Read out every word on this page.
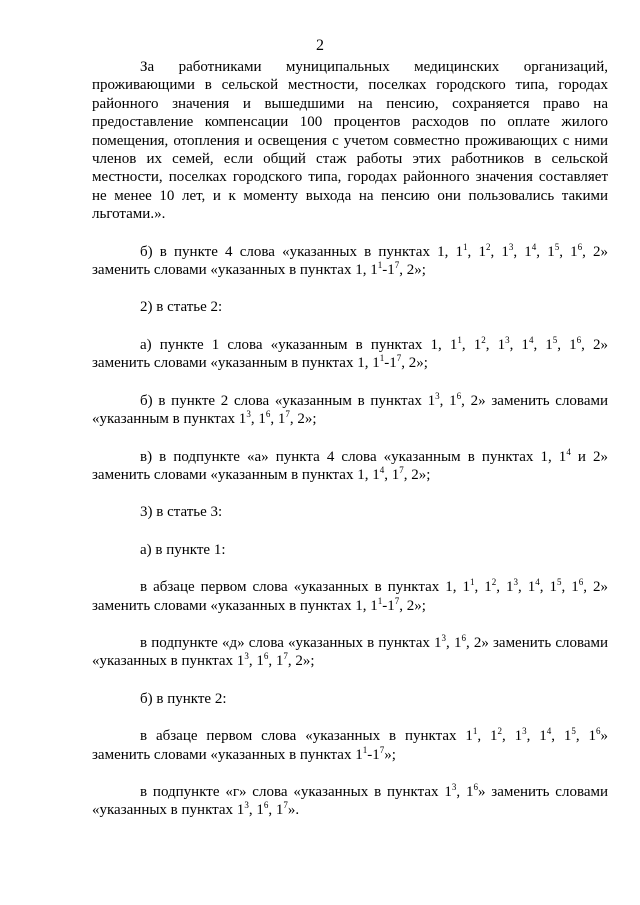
2

За работниками муниципальных медицинских организаций, проживающими в сельской местности, поселках городского типа, городах районного значения и вышедшими на пенсию, сохраняется право на предоставление компенсации 100 процентов расходов по оплате жилого помещения, отопления и освещения с учетом совместно проживающих с ними членов их семей, если общий стаж работы этих работников в сельской местности, поселках городского типа, городах районного значения составляет не менее 10 лет, и к моменту выхода на пенсию они пользовались такими льготами.».

б) в пункте 4 слова «указанных в пунктах 1, $1^1$, $1^2$, $1^3$, $1^4$, $1^5$, $1^6$, 2» заменить словами «указанных в пунктах 1, $1^1-1^7$, 2»;

2) в статье 2:

а) пункте 1 слова «указанным в пунктах 1, $1^1$, $1^2$, $1^3$, $1^4$, $1^5$, $1^6$, 2» заменить словами «указанным в пунктах 1, $1^1-1^7$, 2»;

б) в пункте 2 слова «указанным в пунктах $1^3$, $1^6$, 2» заменить словами «указанным в пунктах $1^3$, $1^6$, $1^7$, 2»;

в) в подпункте «а» пункта 4 слова «указанным в пунктах 1, $1^4$ и 2» заменить словами «указанным в пунктах 1, $1^4$, $1^7$, 2»;

3) в статье 3:

а) в пункте 1:

в абзаце первом слова «указанных в пунктах 1, $1^1$, $1^2$, $1^3$, $1^4$, $1^5$, $1^6$, 2» заменить словами «указанных в пунктах 1, $1^1-1^7$, 2»;

в подпункте «д» слова «указанных в пунктах $1^3$, $1^6$, 2» заменить словами «указанных в пунктах $1^3$, $1^6$, $1^7$, 2»;

б) в пункте 2:

в абзаце первом слова «указанных в пунктах $1^1$, $1^2$, $1^3$, $1^4$, $1^5$, $1^6$» заменить словами «указанных в пунктах $1^1-1^7$»;

в подпункте «г» слова «указанных в пунктах $1^3$, $1^6$» заменить словами «указанных в пунктах $1^3$, $1^6$, $1^7$».
